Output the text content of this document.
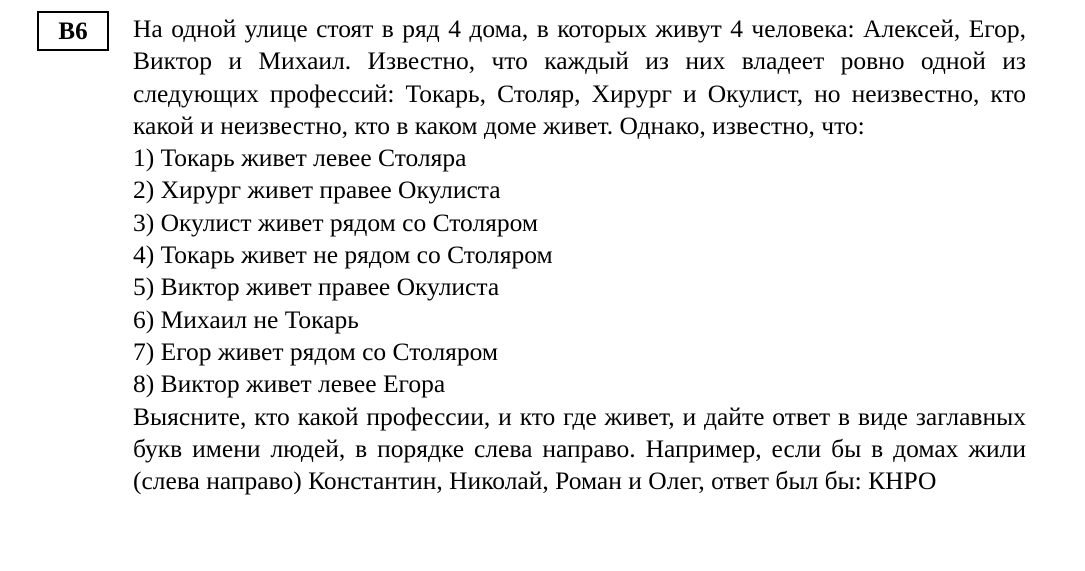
B6	На одной улице стоят в ряд 4 дома, в которых живут 4 человека: Алексей, Егор, Виктор и Михаил. Известно, что каждый из них владеет ровно одной из следующих профессий: Токарь, Столяр, Хирург и Окулист, но неизвестно, кто какой и неизвестно, кто в каком доме живет. Однако, известно, что:

1) Токарь живет левее Столяра
2) Хирург живет правее Окулиста
3) Окулист живет рядом со Столяром
4) Токарь живет не рядом со Столяром
5) Виктор живет правее Окулиста
6) Михаил не Токарь
7) Егор живет рядом со Столяром
8) Виктор живет левее Егора

Выясните, кто какой профессии, и кто где живет, и дайте ответ в виде заглавных букв имени людей, в порядке слева направо. Например, если бы в домах жили (слева направо) Константин, Николай, Роман и Олег, ответ был бы: КНРО
